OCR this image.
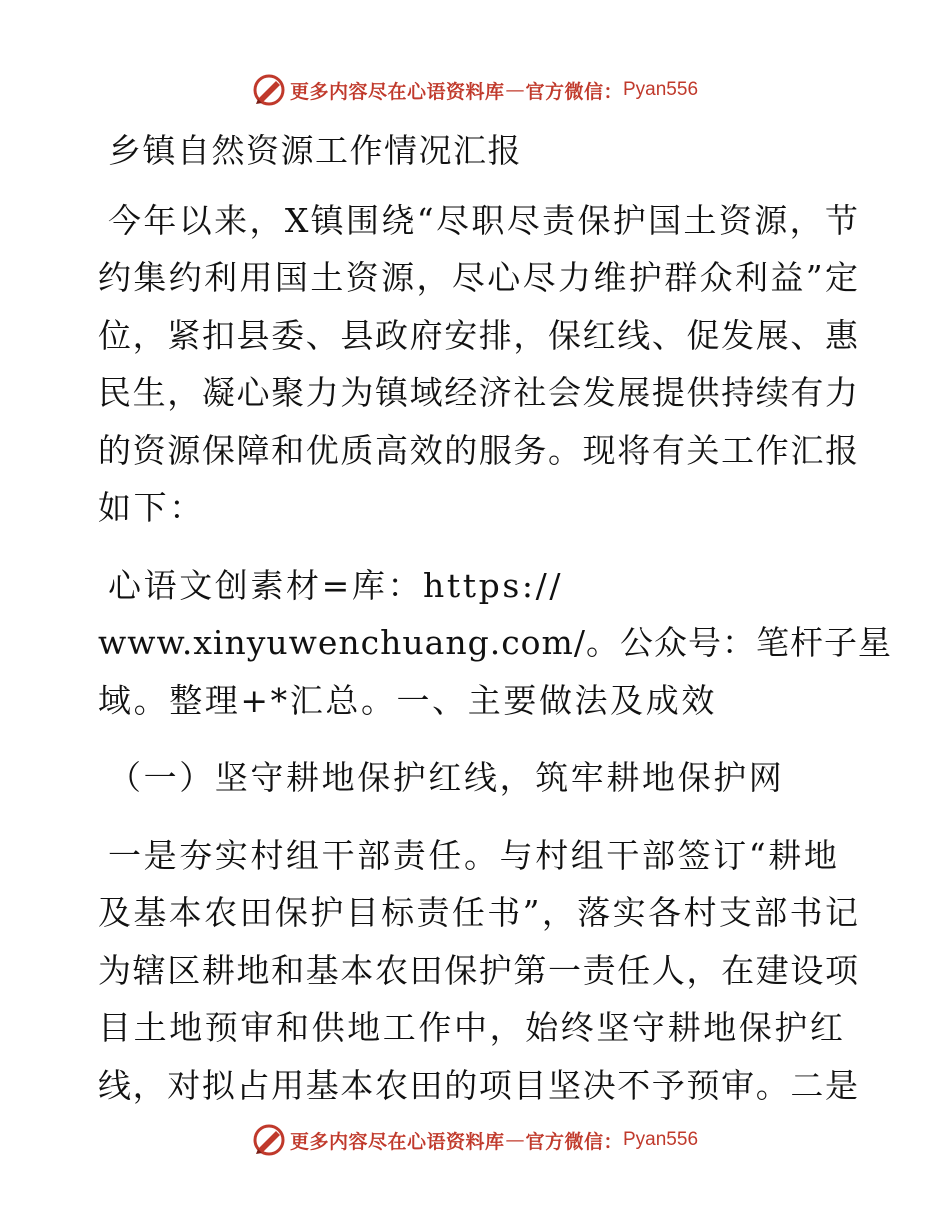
更多内容尽在心语资料库 — 官方微信： Pyan556
乡镇自然资源工作情况汇报
今年以来，X镇围绕“尽职尽责保护国土资源，节
约集约利用国土资源，尽心尽力维护群众利益”定
位，紧扣县委、县政府安排，保红线、促发展、惠
民生，凝心聚力为镇域经济社会发展提供持续有力
的资源保障和优质高效的服务。现将有关工作汇报
如下：
心语文创素材=库：https://
www.xinyuwenchuang.com/。公众号：笔杆子星
域。整理+*汇总。一、主要做法及成效
（一）坚守耕地保护红线，筑牢耕地保护网
一是夯实村组干部责任。与村组干部签订“耕地
及基本农田保护目标责任书”，落实各村支部书记
为辖区耕地和基本农田保护第一责任人，在建设项
目土地预审和供地工作中，始终坚守耕地保护红
线，对拟占用基本农田的项目坚决不予预审。二是
更多内容尽在心语资料库 — 官方微信： Pyan556
